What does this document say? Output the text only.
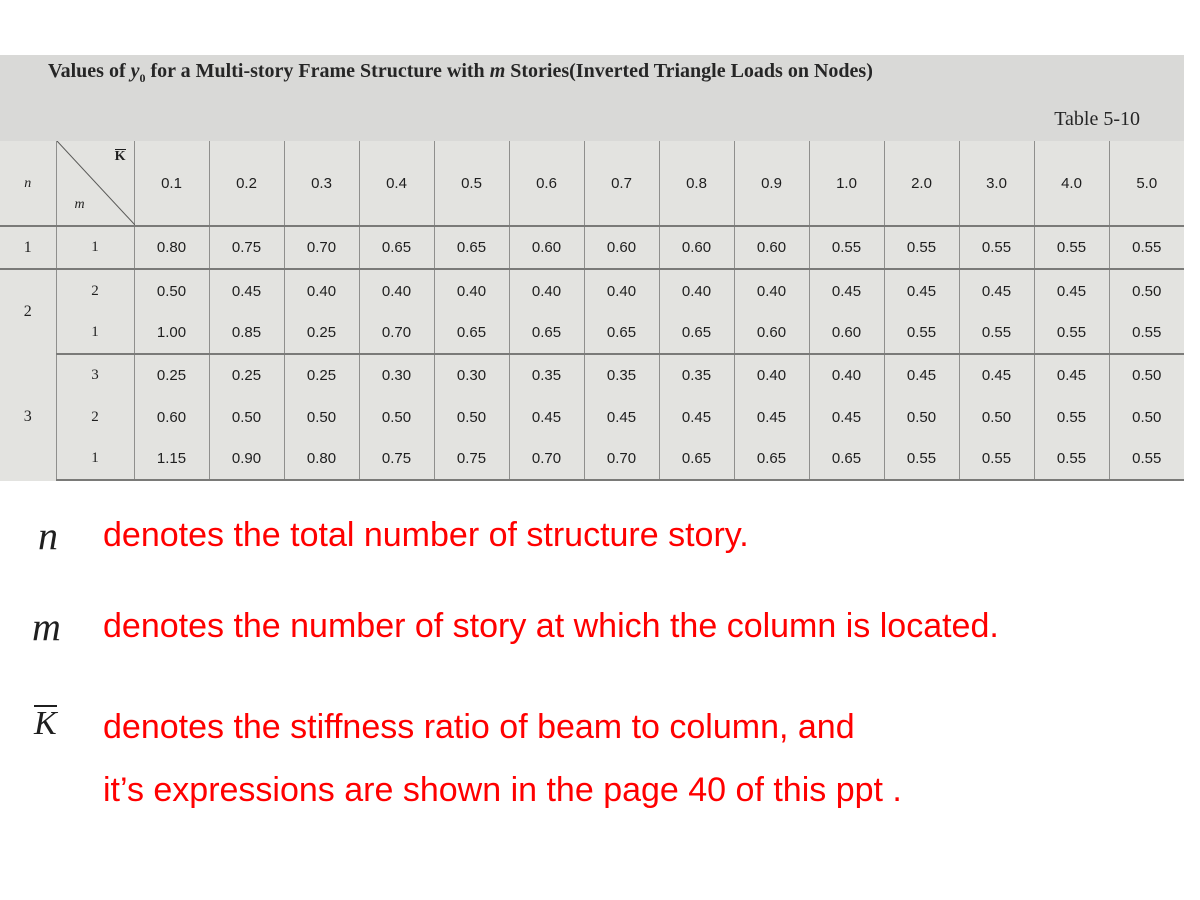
Values of $y_0$ for a Multi-story Frame Structure with m Stories(Inverted Triangle Loads on Nodes)
Table 5-10
n	K
m	0.1	0.2	0.3	0.4	0.5	0.6	0.7	0.8	0.9	1.0	2.0	3.0	4.0	5.0
1	1	0.80	0.75	0.70	0.65	0.65	0.60	0.60	0.60	0.60	0.55	0.55	0.55	0.55	0.55
2	2	0.50	0.45	0.40	0.40	0.40	0.40	0.40	0.40	0.40	0.45	0.45	0.45	0.45	0.50
	1	1.00	0.85	0.25	0.70	0.65	0.65	0.65	0.65	0.60	0.60	0.55	0.55	0.55	0.55
3	3	0.25	0.25	0.25	0.30	0.30	0.35	0.35	0.35	0.40	0.40	0.45	0.45	0.45	0.50
	2	0.60	0.50	0.50	0.50	0.50	0.45	0.45	0.45	0.45	0.45	0.50	0.50	0.55	0.50
	1	1.15	0.90	0.80	0.75	0.75	0.70	0.70	0.65	0.65	0.65	0.55	0.55	0.55	0.55
n denotes the total number of structure story.
m denotes the number of story at which the column is located.
K denotes the stiffness ratio of beam to column, and
it’s expressions are shown in the page 40 of this ppt .
